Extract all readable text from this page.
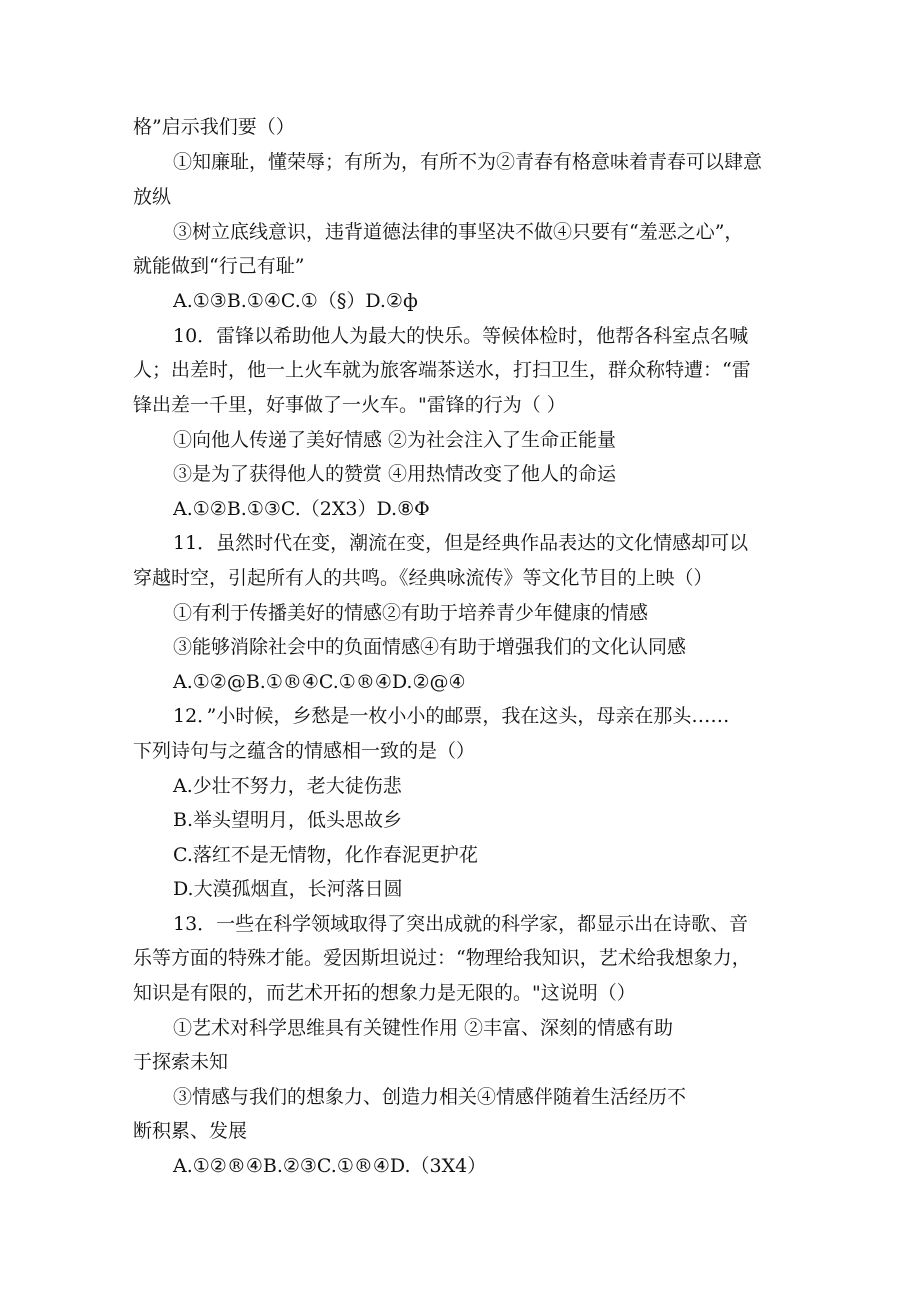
格”启示我们要（）
①知廉耻，懂荣辱；有所为，有所不为②青春有格意味着青春可以肆意
放纵
③树立底线意识，违背道德法律的事坚决不做④只要有“羞恶之心”，
就能做到“行己有耻”
A.①③B.①④C.①（§）D.②ф
10．雷锋以希助他人为最大的快乐。等候体检时，他帮各科室点名喊
人；出差时，他一上火车就为旅客端茶送水，打扫卫生，群众称特遭：“雷
锋出差一千里，好事做了一火车。"雷锋的行为（ ）
①向他人传递了美好情感 ②为社会注入了生命正能量
③是为了获得他人的赞赏 ④用热情改变了他人的命运
A.①②B.①③C.（2X3）D.⑧Φ
11．虽然时代在变，潮流在变，但是经典作品表达的文化情感却可以
穿越时空，引起所有人的共鸣。《经典咏流传》等文化节目的上映（）
①有利于传播美好的情感②有助于培养青少年健康的情感
③能够消除社会中的负面情感④有助于增强我们的文化认同感
A.①②@B.①®④C.①®④D.②@④
12．”小时候，乡愁是一枚小小的邮票，我在这头，母亲在那头……
下列诗句与之蕴含的情感相一致的是（）
A.少壮不努力，老大徒伤悲
B.举头望明月，低头思故乡
C.落红不是无情物，化作春泥更护花
D.大漠孤烟直，长河落日圆
13．一些在科学领域取得了突出成就的科学家，都显示出在诗歌、音
乐等方面的特殊才能。爱因斯坦说过：“物理给我知识，艺术给我想象力，
知识是有限的，而艺术开拓的想象力是无限的。"这说明（）
①艺术对科学思维具有关键性作用 ②丰富、深刻的情感有助
于探索未知
③情感与我们的想象力、创造力相关④情感伴随着生活经历不
断积累、发展
A.①②®④B.②③C.①®④D.（3X4）
